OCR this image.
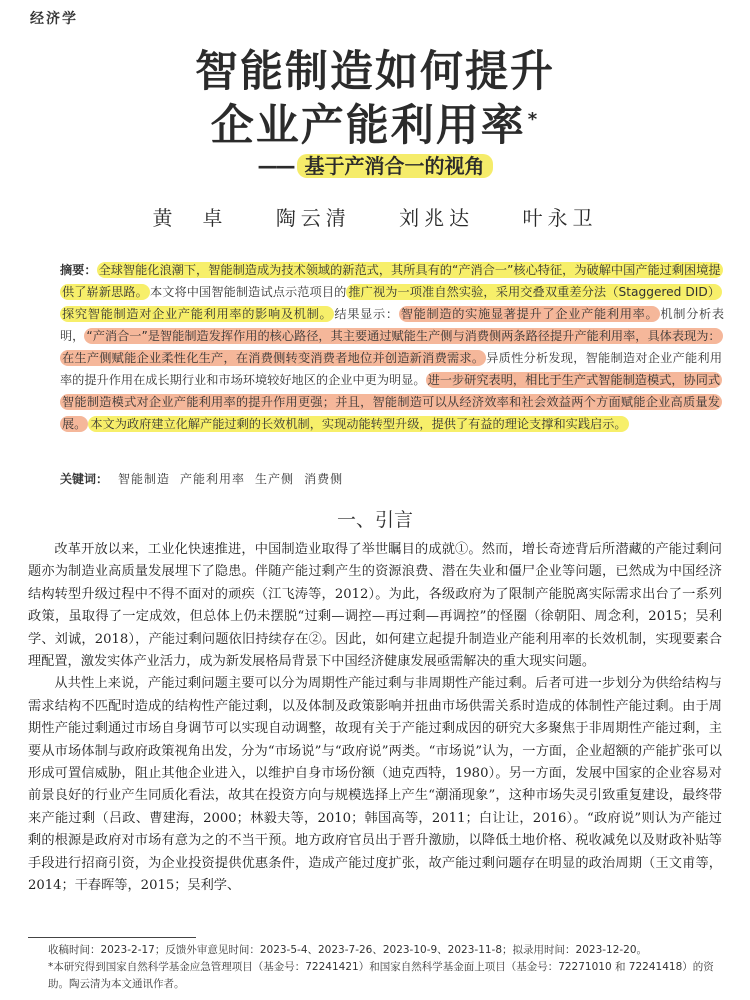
经济学
智能制造如何提升
企业产能利用率 *
—— 基于产消合一的视角
黄　卓 陶云清 刘兆达 叶永卫
摘要： 全球智能化浪潮下，智能制造成为技术领域的新范式，其所具有的“产消合一”核心特征，为破解中国产能过剩困境提供了崭新思路。 本文将中国智能制造试点示范项目的 推广视为一项准自然实验，采用交叠双重差分法（Staggered DID）探究智能制造对企业产能利用率的影响及机制。 结果显示： 智能制造的实施显著提升了企业产能利用率。 机制分析表明， “产消合一”是智能制造发挥作用的核心路径，其主要通过赋能生产侧与消费侧两条路径提升产能利用率，具体表现为：在生产侧赋能企业柔性化生产，在消费侧转变消费者地位并创造新消费需求。 异质性分析发现，智能制造对企业产能利用率的提升作用在成长期行业和市场环境较好地区的企业中更为明显。 进一步研究表明，相比于生产式智能制造模式，协同式智能制造模式对企业产能利用率的提升作用更强；并且，智能制造可以从经济效率和社会效益两个方面赋能企业高质量发展。 本文为政府建立化解产能过剩的长效机制，实现动能转型升级，提供了有益的理论支撑和实践启示。
关键词： 智能制造 产能利用率 生产侧 消费侧
一、引言

改革开放以来，工业化快速推进，中国制造业取得了举世瞩目的成就①。然而，增长奇迹背后所潜藏的产能过剩问题亦为制造业高质量发展埋下了隐患。伴随产能过剩产生的资源浪费、潜在失业和僵尸企业等问题，已然成为中国经济结构转型升级过程中不得不面对的顽疾（江飞涛等，2012）。为此，各级政府为了限制产能脱离实际需求出台了一系列政策，虽取得了一定成效，但总体上仍未摆脱“过剩—调控—再过剩—再调控”的怪圈（徐朝阳、周念利，2015；吴利学、刘诚，2018），产能过剩问题依旧持续存在②。因此，如何建立起提升制造业产能利用率的长效机制，实现要素合理配置，激发实体产业活力，成为新发展格局背景下中国经济健康发展亟需解决的重大现实问题。

从共性上来说，产能过剩问题主要可以分为周期性产能过剩与非周期性产能过剩。后者可进一步划分为供给结构与需求结构不匹配时造成的结构性产能过剩，以及体制及政策影响并扭曲市场供需关系时造成的体制性产能过剩。由于周期性产能过剩通过市场自身调节可以实现自动调整，故现有关于产能过剩成因的研究大多聚焦于非周期性产能过剩，主要从市场体制与政府政策视角出发，分为“市场说”与“政府说”两类。“市场说”认为，一方面，企业超额的产能扩张可以形成可置信威胁，阻止其他企业进入，以维护自身市场份额（迪克西特，1980）。另一方面，发展中国家的企业容易对前景良好的行业产生同质化看法，故其在投资方向与规模选择上产生“潮涌现象”，这种市场失灵引致重复建设，最终带来产能过剩（吕政、曹建海，2000；林毅夫等，2010；韩国高等，2011；白让让，2016）。“政府说”则认为产能过剩的根源是政府对市场有意为之的不当干预。地方政府官员出于晋升激励，以降低土地价格、税收减免以及财政补贴等手段进行招商引资，为企业投资提供优惠条件，造成产能过度扩张，故产能过剩问题存在明显的政治周期（王文甫等，2014；干春晖等，2015；吴利学、

收稿时间：2023-2-17；反馈外审意见时间：2023-5-4、2023-7-26、2023-10-9、2023-11-8；拟录用时间：2023-12-20。
*本研究得到国家自然科学基金应急管理项目（基金号：72241421）和国家自然科学基金面上项目（基金号：72271010 和 72241418）的资助。陶云清为本文通讯作者。
